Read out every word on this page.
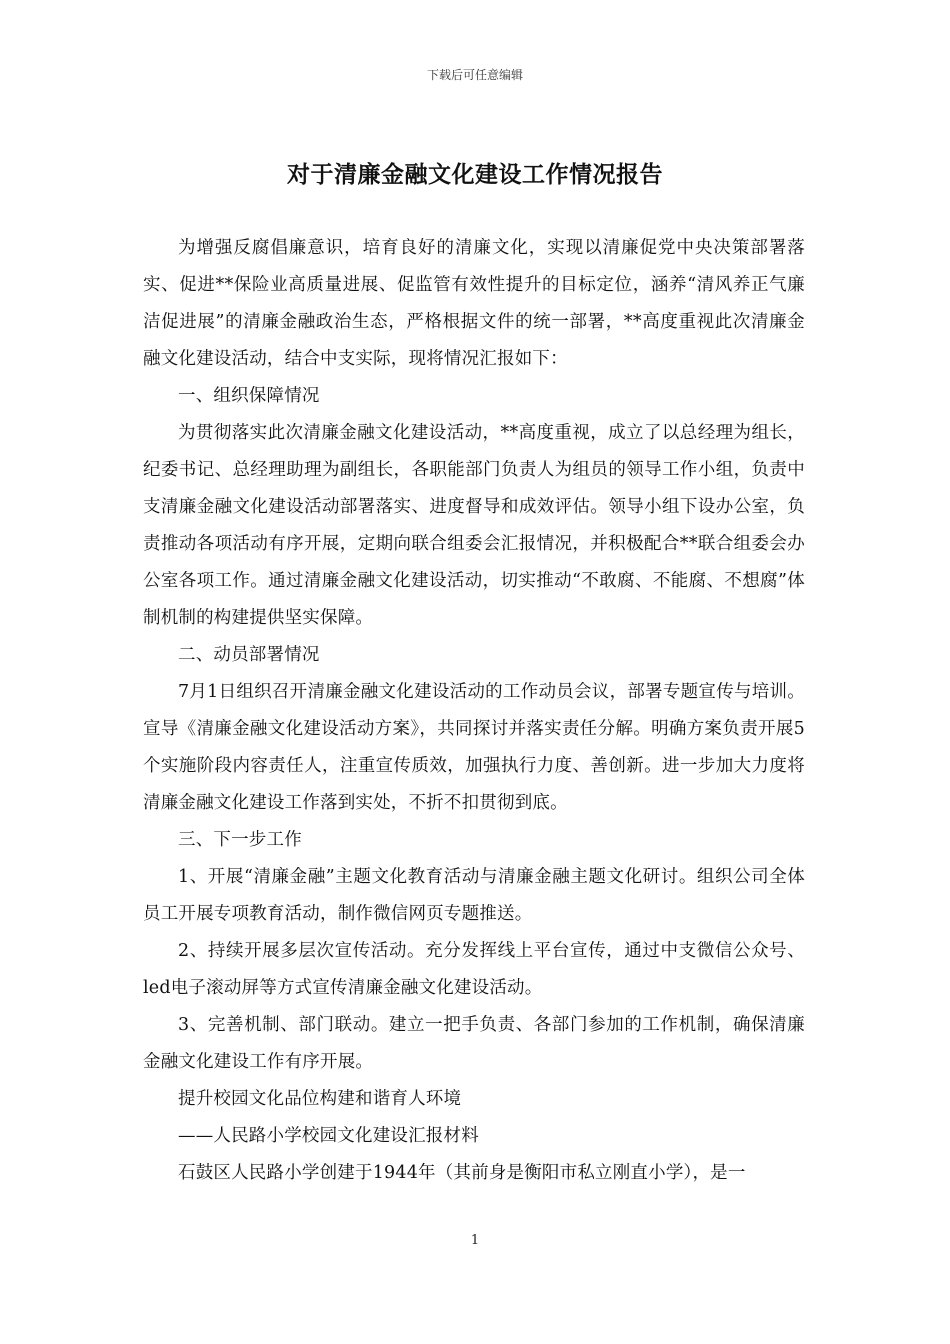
下载后可任意编辑
对于清廉金融文化建设工作情况报告

为增强反腐倡廉意识，培育良好的清廉文化，实现以清廉促党中央决策部署落实、促进**保险业高质量进展、促监管有效性提升的目标定位，涵养“清风养正气廉洁促进展”的清廉金融政治生态，严格根据文件的统一部署，**高度重视此次清廉金融文化建设活动，结合中支实际，现将情况汇报如下：

一、组织保障情况

为贯彻落实此次清廉金融文化建设活动，**高度重视，成立了以总经理为组长，纪委书记、总经理助理为副组长，各职能部门负责人为组员的领导工作小组，负责中支清廉金融文化建设活动部署落实、进度督导和成效评估。领导小组下设办公室，负责推动各项活动有序开展，定期向联合组委会汇报情况，并积极配合**联合组委会办公室各项工作。通过清廉金融文化建设活动，切实推动“不敢腐、不能腐、不想腐”体制机制的构建提供坚实保障。

二、动员部署情况

7月1日组织召开清廉金融文化建设活动的工作动员会议，部署专题宣传与培训。宣导《清廉金融文化建设活动方案》，共同探讨并落实责任分解。明确方案负责开展5个实施阶段内容责任人，注重宣传质效，加强执行力度、善创新。进一步加大力度将清廉金融文化建设工作落到实处，不折不扣贯彻到底。

三、下一步工作

1、开展“清廉金融”主题文化教育活动与清廉金融主题文化研讨。组织公司全体员工开展专项教育活动，制作微信网页专题推送。

2、持续开展多层次宣传活动。充分发挥线上平台宣传，通过中支微信公众号、led电子滚动屏等方式宣传清廉金融文化建设活动。

3、完善机制、部门联动。建立一把手负责、各部门参加的工作机制，确保清廉金融文化建设工作有序开展。

提升校园文化品位构建和谐育人环境

——人民路小学校园文化建设汇报材料

石鼓区人民路小学创建于1944年（其前身是衡阳市私立刚直小学），是一

1
